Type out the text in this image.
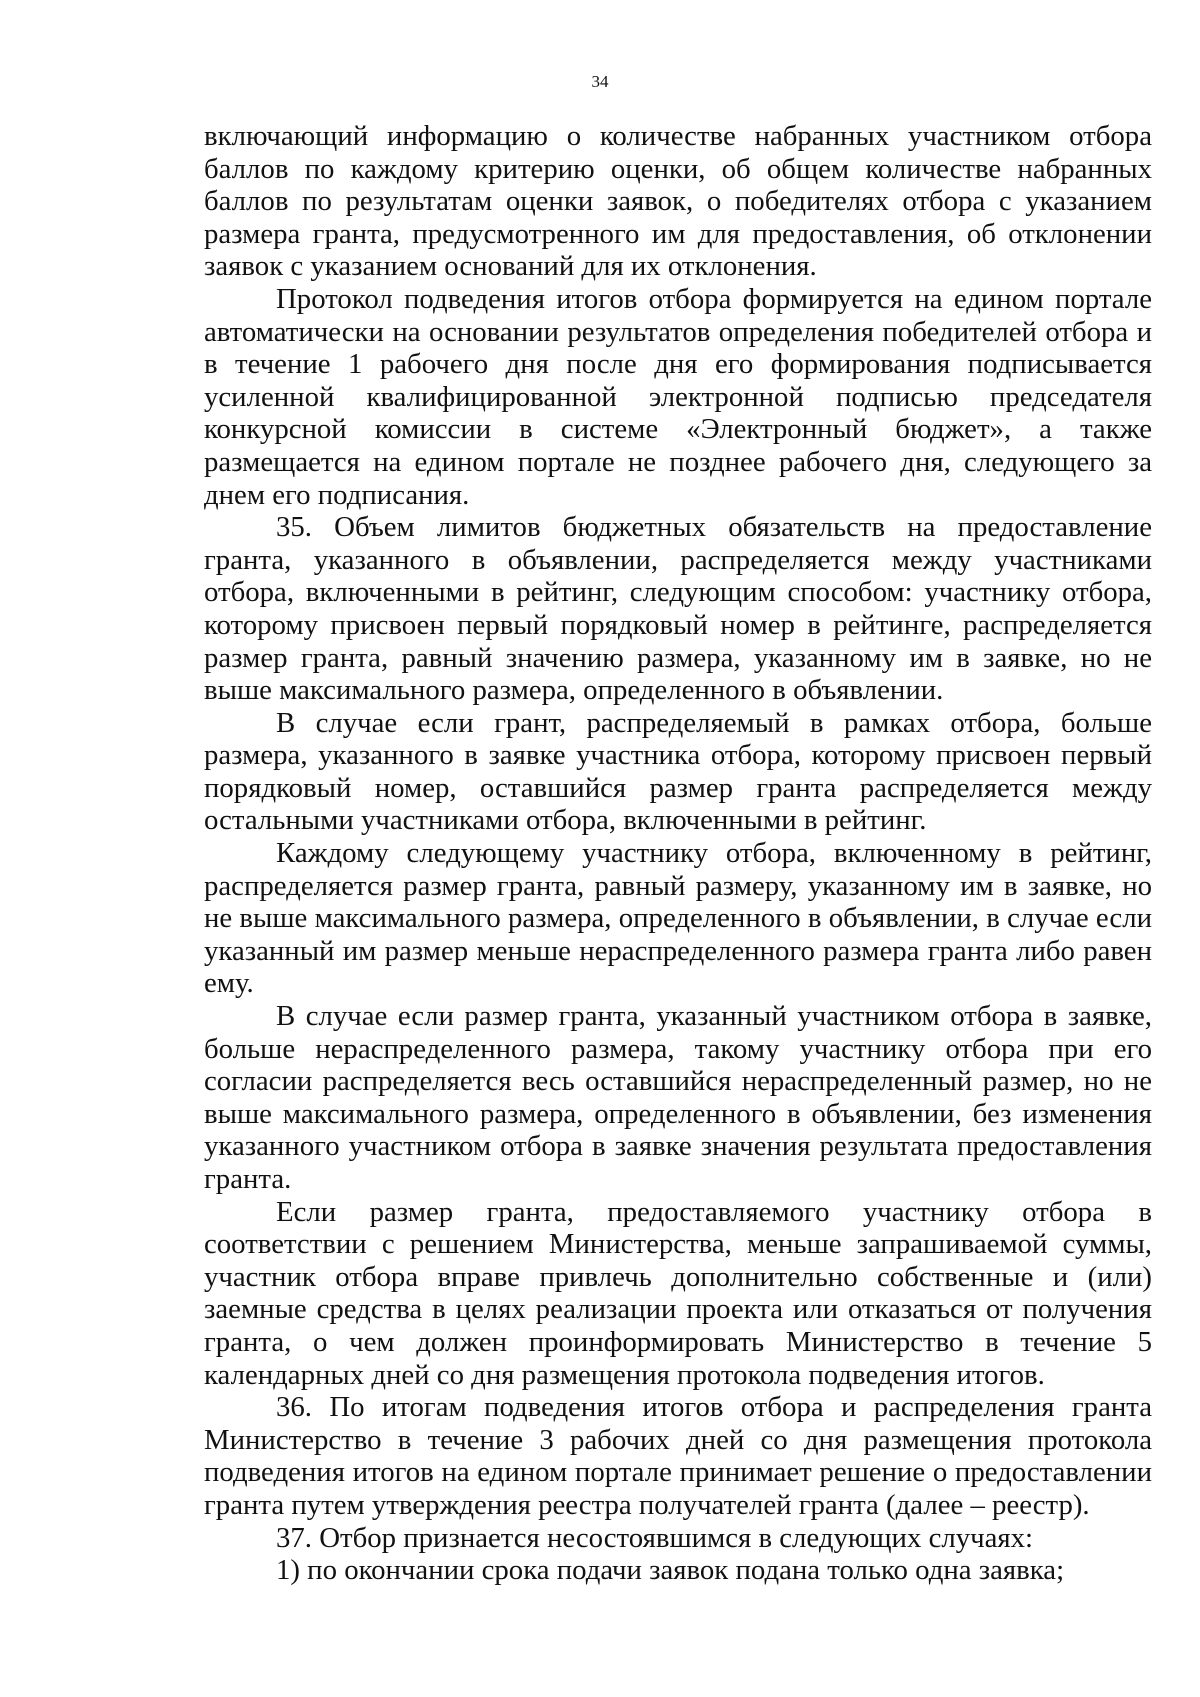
34

включающий информацию о количестве набранных участником отбора баллов по каждому критерию оценки, об общем количестве набранных баллов по результатам оценки заявок, о победителях отбора с указанием размера гранта, предусмотренного им для предоставления, об отклонении заявок с указанием оснований для их отклонения.

Протокол подведения итогов отбора формируется на едином портале автоматически на основании результатов определения победителей отбора и в течение 1 рабочего дня после дня его формирования подписывается усиленной квалифицированной электронной подписью председателя конкурсной комиссии в системе «Электронный бюджет», а также размещается на едином портале не позднее рабочего дня, следующего за днем его подписания.

35. Объем лимитов бюджетных обязательств на предоставление гранта, указанного в объявлении, распределяется между участниками отбора, включенными в рейтинг, следующим способом: участнику отбора, которому присвоен первый порядковый номер в рейтинге, распределяется размер гранта, равный значению размера, указанному им в заявке, но не выше максимального размера, определенного в объявлении.

В случае если грант, распределяемый в рамках отбора, больше размера, указанного в заявке участника отбора, которому присвоен первый порядковый номер, оставшийся размер гранта распределяется между остальными участниками отбора, включенными в рейтинг.

Каждому следующему участнику отбора, включенному в рейтинг, распределяется размер гранта, равный размеру, указанному им в заявке, но не выше максимального размера, определенного в объявлении, в случае если указанный им размер меньше нераспределенного размера гранта либо равен ему.

В случае если размер гранта, указанный участником отбора в заявке, больше нераспределенного размера, такому участнику отбора при его согласии распределяется весь оставшийся нераспределенный размер, но не выше максимального размера, определенного в объявлении, без изменения указанного участником отбора в заявке значения результата предоставления гранта.

Если размер гранта, предоставляемого участнику отбора в соответствии с решением Министерства, меньше запрашиваемой суммы, участник отбора вправе привлечь дополнительно собственные и (или) заемные средства в целях реализации проекта или отказаться от получения гранта, о чем должен проинформировать Министерство в течение 5 календарных дней со дня размещения протокола подведения итогов.

36. По итогам подведения итогов отбора и распределения гранта Министерство в течение 3 рабочих дней со дня размещения протокола подведения итогов на едином портале принимает решение о предоставлении гранта путем утверждения реестра получателей гранта (далее – реестр).

37. Отбор признается несостоявшимся в следующих случаях:

1) по окончании срока подачи заявок подана только одна заявка;
